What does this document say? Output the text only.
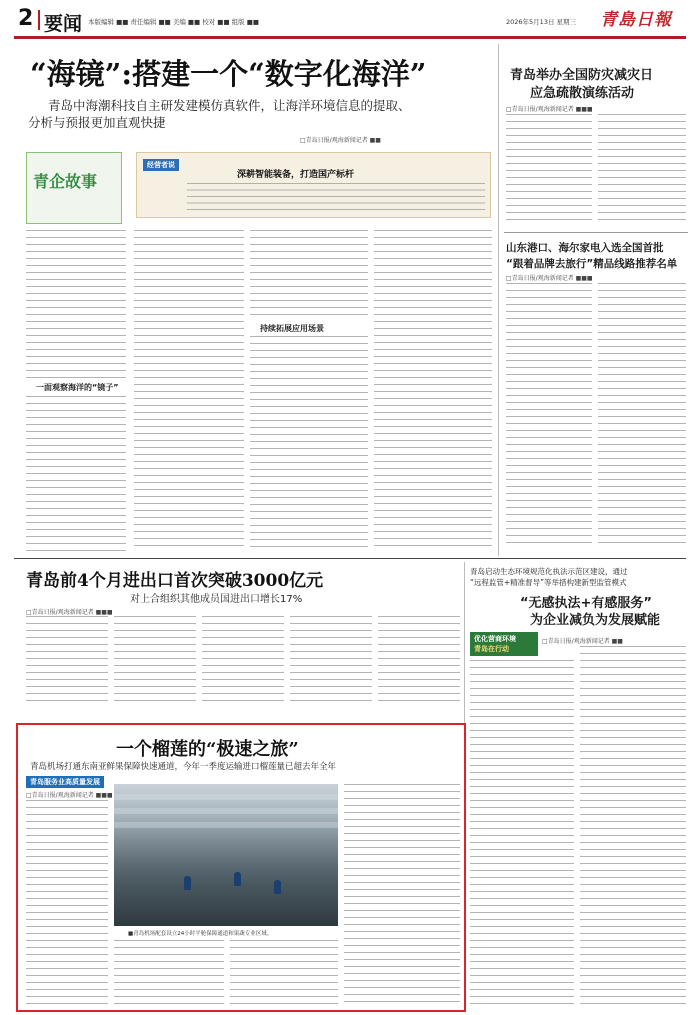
2 要闻 本版编辑 ■■ 责任编辑 ■■ 美编 ■■ 校对 ■■ 组版 ■■	2026年5月13日 星期三 青島日報
“海镜”:搭建一个“数字化海洋”
青岛中海潮科技自主研发建模仿真软件，让海洋环境信息的提取、
分析与预报更加直观快捷
□青岛日报/观海新闻记者 ■■
青企故事
经营者说
深耕智能装备，打造国产标杆
一面观察海洋的“镜子”
持续拓展应用场景
青岛举办全国防灾减灾日
应急疏散演练活动
□青岛日报/观海新闻记者 ■■■
山东港口、海尔家电入选全国首批
“跟着品牌去旅行”精品线路推荐名单
□青岛日报/观海新闻记者 ■■■
青岛前4个月进出口首次突破3000亿元
对上合组织其他成员国进出口增长17%
□青岛日报/观海新闻记者 ■■■
青岛启动生态环境规范化执法示范区建设，通过
“远程监管+精准督导”等举措构建新型监管模式
“无感执法+有感服务”
为企业减负为发展赋能
优化营商环境
青岛在行动
□青岛日报/观海新闻记者 ■■
一个榴莲的“极速之旅”
青岛机场打通东南亚鲜果保障快速通道，今年一季度运输进口榴莲量已超去年全年
青岛服务业高质量发展
□青岛日报/观海新闻记者 ■■■
■青岛机场配套设立24小时平舱保障通道和果蔬专业区域。
